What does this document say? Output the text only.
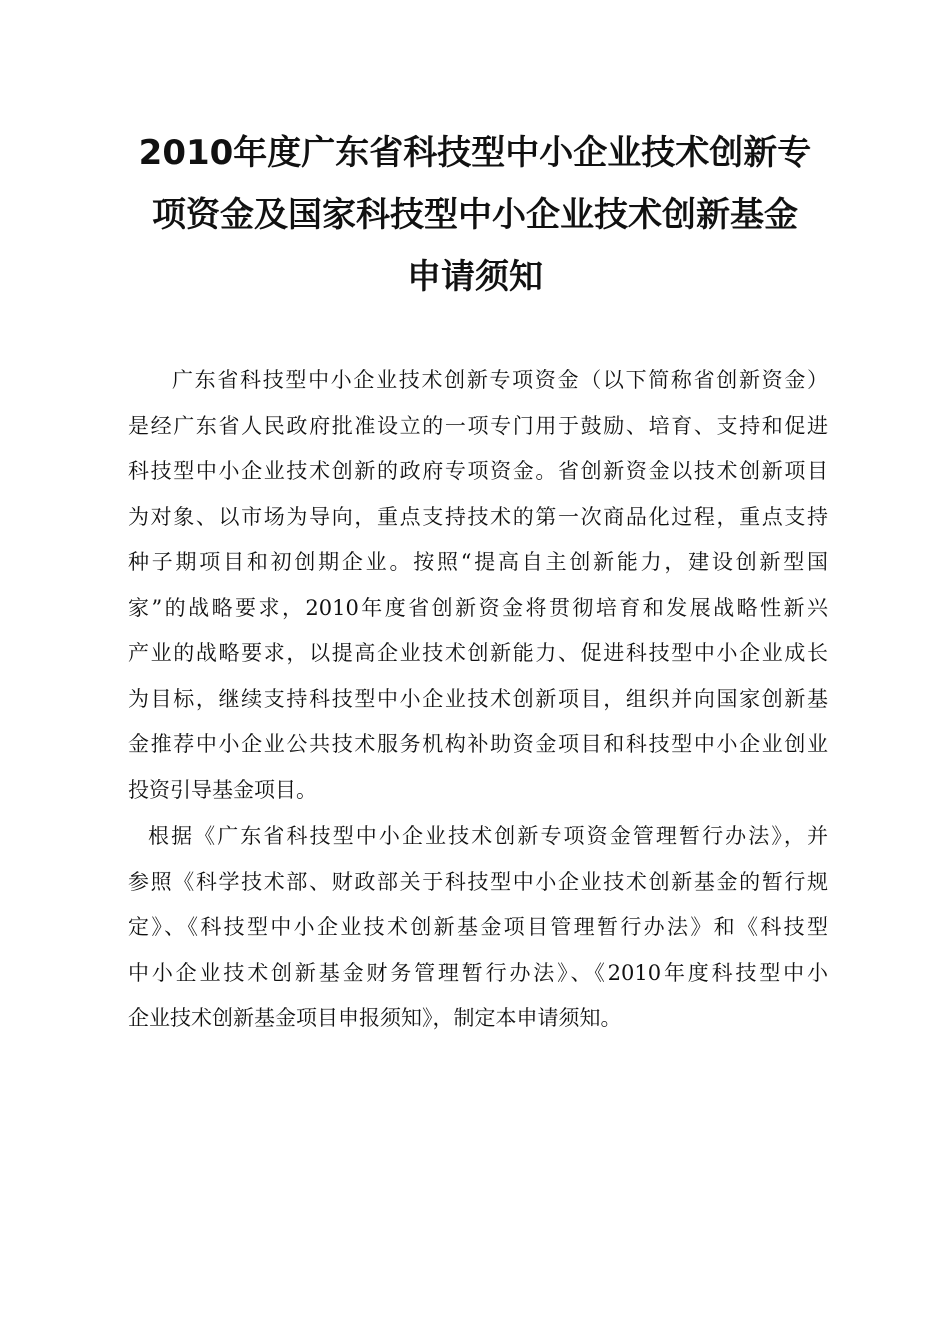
2010年度广东省科技型中小企业技术创新专
项资金及国家科技型中小企业技术创新基金
申请须知

广东省科技型中小企业技术创新专项资金（以下简称省创新资金）
是经广东省人民政府批准设立的一项专门用于鼓励、培育、支持和促进
科技型中小企业技术创新的政府专项资金。省创新资金以技术创新项目
为对象、以市场为导向，重点支持技术的第一次商品化过程，重点支持
种子期项目和初创期企业。按照“提高自主创新能力，建设创新型国
家”的战略要求，2010年度省创新资金将贯彻培育和发展战略性新兴
产业的战略要求，以提高企业技术创新能力、促进科技型中小企业成长
为目标，继续支持科技型中小企业技术创新项目，组织并向国家创新基
金推荐中小企业公共技术服务机构补助资金项目和科技型中小企业创业
投资引导基金项目。

根据《广东省科技型中小企业技术创新专项资金管理暂行办法》，并
参照《科学技术部、财政部关于科技型中小企业技术创新基金的暂行规
定》、《科技型中小企业技术创新基金项目管理暂行办法》和《科技型
中小企业技术创新基金财务管理暂行办法》、《2010年度科技型中小
企业技术创新基金项目申报须知》，制定本申请须知。
